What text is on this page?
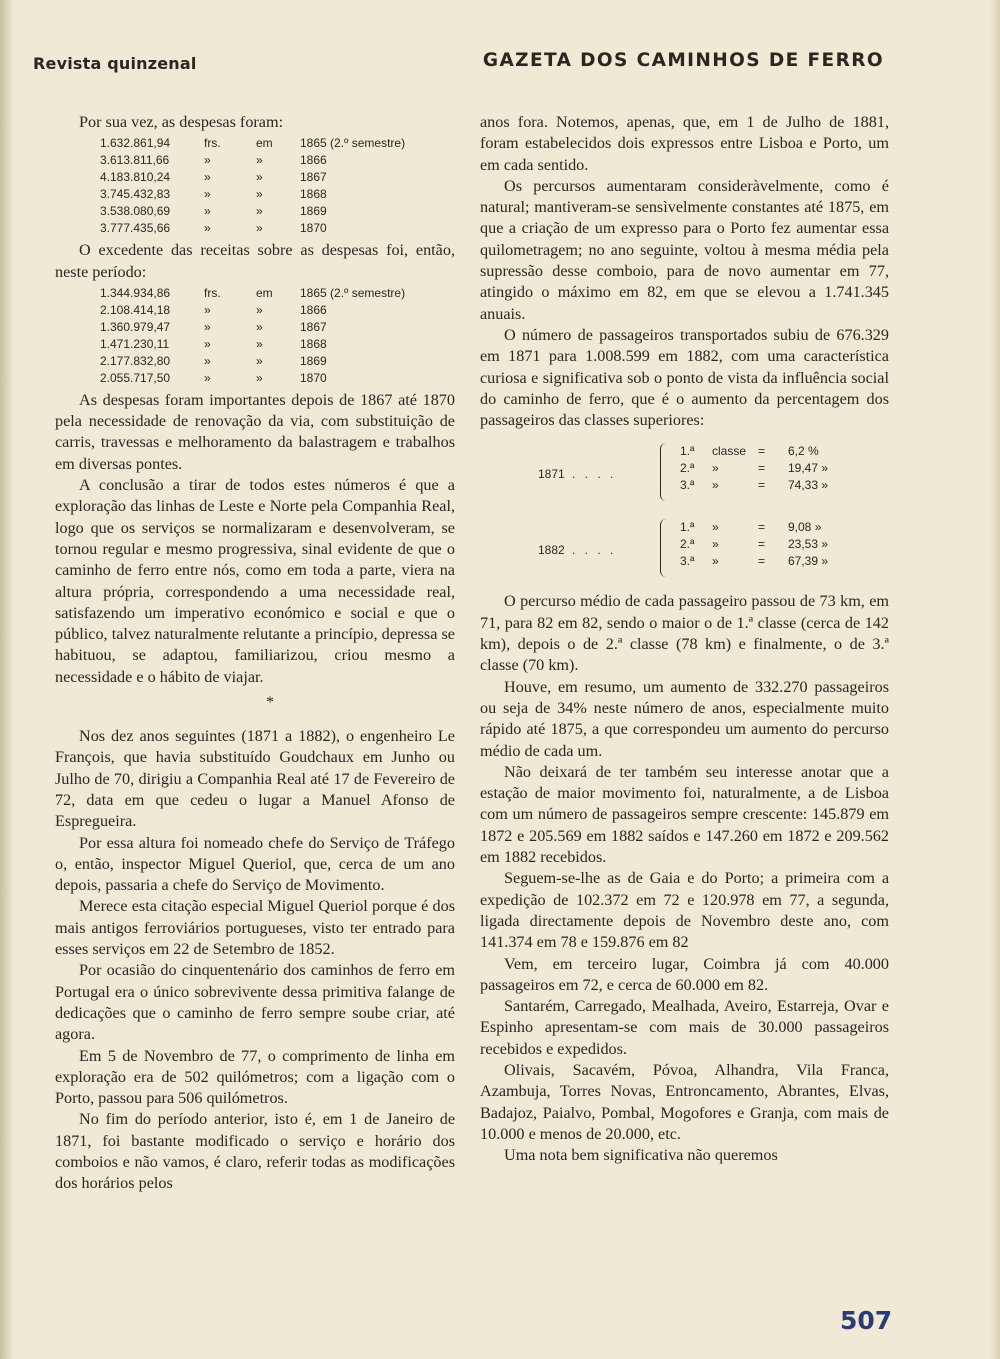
Revista quinzenal	GAZETA DOS CAMINHOS DE FERRO

Por sua vez, as despesas foram:

1.632.861,94	frs.	em	1865 (2.º semestre)
3.613.811,66	»	»	1866
4.183.810,24	»	»	1867
3.745.432,83	»	»	1868
3.538.080,69	»	»	1869
3.777.435,66	»	»	1870

O excedente das receitas sobre as despesas foi, então, neste período:

1.344.934,86	frs.	em	1865 (2.º semestre)
2.108.414,18	»	»	1866
1.360.979,47	»	»	1867
1.471.230,11	»	»	1868
2.177.832,80	»	»	1869
2.055.717,50	»	»	1870

As despesas foram importantes depois de 1867 até 1870 pela necessidade de renovação da via, com substituição de carris, travessas e melhoramento da balastragem e trabalhos em diversas pontes.

A conclusão a tirar de todos estes números é que a exploração das linhas de Leste e Norte pela Companhia Real, logo que os serviços se normalizaram e desenvolveram, se tornou regular e mesmo progressiva, sinal evidente de que o caminho de ferro entre nós, como em toda a parte, viera na altura própria, correspondendo a uma necessidade real, satisfazendo um imperativo económico e social e que o público, talvez naturalmente relutante a princípio, depressa se habituou, se adaptou, familiarizou, criou mesmo a necessidade e o hábito de viajar.

*

Nos dez anos seguintes (1871 a 1882), o engenheiro Le François, que havia substituído Goudchaux em Junho ou Julho de 70, dirigiu a Companhia Real até 17 de Fevereiro de 72, data em que cedeu o lugar a Manuel Afonso de Espregueira.

Por essa altura foi nomeado chefe do Serviço de Tráfego o, então, inspector Miguel Queriol, que, cerca de um ano depois, passaria a chefe do Serviço de Movimento.

Merece esta citação especial Miguel Queriol porque é dos mais antigos ferroviários portugueses, visto ter entrado para esses serviços em 22 de Setembro de 1852.

Por ocasião do cinquentenário dos caminhos de ferro em Portugal era o único sobrevivente dessa primitiva falange de dedicações que o caminho de ferro sempre soube criar, até agora.

Em 5 de Novembro de 77, o comprimento de linha em exploração era de 502 quilómetros; com a ligação com o Porto, passou para 506 quilómetros.

No fim do período anterior, isto é, em 1 de Janeiro de 1871, foi bastante modificado o serviço e horário dos comboios e não vamos, é claro, referir todas as modificações dos horários pelos

anos fora. Notemos, apenas, que, em 1 de Julho de 1881, foram estabelecidos dois expressos entre Lisboa e Porto, um em cada sentido.

Os percursos aumentaram consideràvelmente, como é natural; mantiveram-se sensìvelmente constantes até 1875, em que a criação de um expresso para o Porto fez aumentar essa quilometragem; no ano seguinte, voltou à mesma média pela supressão desse comboio, para de novo aumentar em 77, atingido o máximo em 82, em que se elevou a 1.741.345 anuais.

O número de passageiros transportados subiu de 676.329 em 1871 para 1.008.599 em 1882, com uma característica curiosa e significativa sob o ponto de vista da influência social do caminho de ferro, que é o aumento da percentagem dos passageiros das classes superiores:

1871 . . . .
1.ª classe = 6,2 %
2.ª »	= 19,47 »
3.ª »	= 74,33 »
1882 . . . .
1.ª »	= 9,08 »
2.ª »	= 23,53 »
3.ª »	= 67,39 »

O percurso médio de cada passageiro passou de 73 km, em 71, para 82 em 82, sendo o maior o de 1.ª classe (cerca de 142 km), depois o de 2.ª classe (78 km) e finalmente, o de 3.ª classe (70 km).

Houve, em resumo, um aumento de 332.270 passageiros ou seja de 34% neste número de anos, especialmente muito rápido até 1875, a que correspondeu um aumento do percurso médio de cada um.

Não deixará de ter também seu interesse anotar que a estação de maior movimento foi, naturalmente, a de Lisboa com um número de passageiros sempre crescente: 145.879 em 1872 e 205.569 em 1882 saídos e 147.260 em 1872 e 209.562 em 1882 recebidos.

Seguem-se-lhe as de Gaia e do Porto; a primeira com a expedição de 102.372 em 72 e 120.978 em 77, a segunda, ligada directamente depois de Novembro deste ano, com 141.374 em 78 e 159.876 em 82

Vem, em terceiro lugar, Coimbra já com 40.000 passageiros em 72, e cerca de 60.000 em 82.

Santarém, Carregado, Mealhada, Aveiro, Estarreja, Ovar e Espinho apresentam-se com mais de 30.000 passageiros recebidos e expedidos.

Olivais, Sacavém, Póvoa, Alhandra, Vila Franca, Azambuja, Torres Novas, Entroncamento, Abrantes, Elvas, Badajoz, Paialvo, Pombal, Mogofores e Granja, com mais de 10.000 e menos de 20.000, etc.

Uma nota bem significativa não queremos

507
